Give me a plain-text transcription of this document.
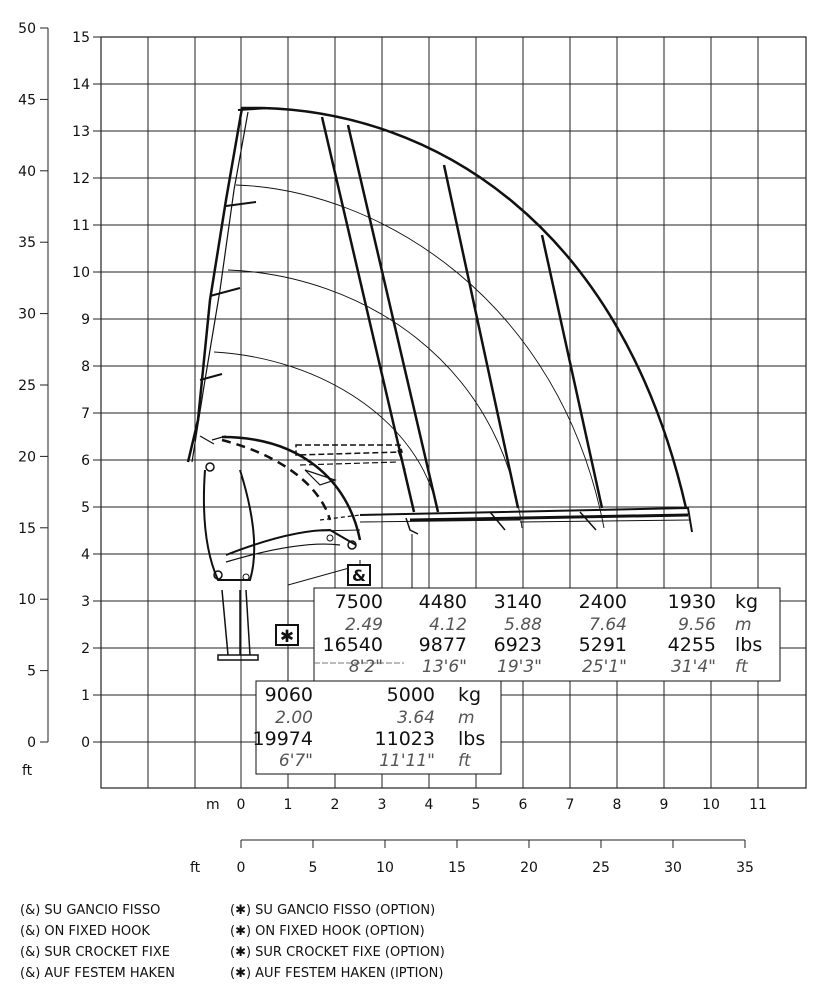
50
45
40
35
30
25
20
15
10
5
0
ft
15
14
13
12
11
10
9
8
7
6
5
4
3
2
1
0
m 0	1	2	3	4	5	6	7	8	9 10 11
ft	0	5	10	15	20	25	30	35
&
✱
7500 4480 3140 2400 1930 kg
2.49	4.12 5.88	7.64	9.56 m
16540 9877 6923 5291 4255 lbs
8'2" 13'6" 19'3" 25'1"	31'4" ft
9060	5000 kg
2.00	3.64 m
19974	11023 lbs
6'7"	11'11" ft
(&) SU GANCIO FISSO
(&) ON FIXED HOOK
(&) SUR CROCKET FIXE
(&) AUF FESTEM HAKEN
(✱) SU GANCIO FISSO (OPTION)
(✱) ON FIXED HOOK (OPTION)
(✱) SUR CROCKET FIXE (OPTION)
(✱) AUF FESTEM HAKEN (IPTION)
